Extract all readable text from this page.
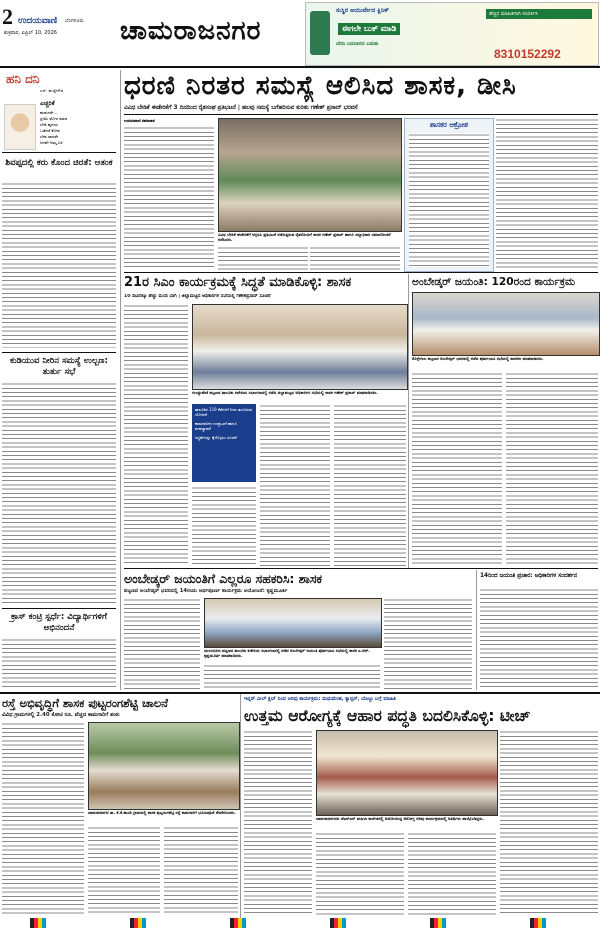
2 ಉದಯವಾಣಿ ಬೆಂಗಳೂರು
ಶುಕ್ರವಾರ, ಏಪ್ರಿಲ್ 10, 2026 ಚಾಮರಾಜನಗರ
ಸುಸ್ಥಿರ ಆಯುರ್ವೇದ ಕ್ಲಿನಿಕ್
ಈಗಲೇ ಬುಕ್ ಮಾಡಿ
ಬೇರು ಬದಲಾಗದ ಬದುಕು
ಹೆಚ್ಚಿನ ಮಾಹಿತಿಗಾಗಿ ಸಂಪರ್ಕಿಸಿ
8310152292
ಹನಿ ದನಿ
ಎಸ್. ಹುಚ್ಚೇಗೌಡ
ಎಚ್ಚರಿಕೆ
ಹುಡುಗರೇ...
ಪ್ರೀತಿಸಿ ಮೋಸ ಮಾಡ
ಬೇಡಿ ಹೃದಯ
ಒಡೆದರೆ ಕೋಪ
ಬೇಡ ಜಾಣರೇ
ಜಗವೇ ನಿಮ್ಮ ಬಳಿ
ಶಿವಪ್ಪದಲ್ಲಿ ಕರು ಕೊಂದ ಚಿರತೆ: ಆತಂಕ
ಕುಡಿಯುವ ನೀರಿನ ಸಮಸ್ಯೆ ಉಲ್ಬಣ: ತುರ್ತು ಸಭೆ
ಕ್ರಾಸ್ ಕಂಟ್ರಿ ಸ್ಪರ್ಧೆ: ವಿದ್ಯಾರ್ಥಿಗಳಿಗೆ ಅಭಿನಂದನೆ
ಧರಣಿ ನಿರತರ ಸಮಸ್ಯೆ ಆಲಿಸಿದ ಶಾಸಕ, ಡೀಸಿ
ವಿವಿಧ ಬೇಡಿಕೆ ಈಡೇರಿಕೆಗೆ 3 ದಿನದಿಂದ ರೈತಸಂಘ ಪ್ರತಿಭಟನೆ | ಹಲವು ಸಮಸ್ಯೆ ಬಗೆಹರಿಸುವ ಕುರಿತು ಗಣೇಶ್ ಪ್ರಸಾದ್ ಭರವಸೆ
ಉದಯವಾಣಿ ಸಮಾಚಾರ
ವಿವಿಧ ಬೇಡಿಕೆ ಈಡೇರಿಕೆಗೆ ಆಗ್ರಹಿಸಿ ಪ್ರತಿಭಟನೆ ನಡೆಸುತ್ತಿರುವ ರೈತರೊಂದಿಗೆ ಶಾಸಕ ಗಣೇಶ್ ಪ್ರಸಾದ್ ಹಾಗೂ ಜಿಲ್ಲಾಧಿಕಾರಿ ಸಮಾಲೋಚನೆ ನಡೆಸಿದರು.
ಶಾಸಕರ ಆಕ್ರೋಶ
21ರ ಸಿಎಂ ಕಾರ್ಯಕ್ರಮಕ್ಕೆ ಸಿದ್ಧತೆ ಮಾಡಿಕೊಳ್ಳಿ: ಶಾಸಕ
10 ಸಾವಿರಕ್ಕೂ ಹೆಚ್ಚು ಮಂದಿ ಭಾಗಿ | ಜಿಲ್ಲಾಮಟ್ಟದ ಅಧಿಕಾರಿಗಳ ಸಭೆಯಲ್ಲಿ ಗಣೇಶಪ್ರಸಾದ್ ಸೂಚನೆ
ಗುಂಡ್ಲುಪೇಟೆ ಪಟ್ಟಣದ ತಾಲೂಕು ಕಚೇರಿಯ ಸಭಾಂಗಣದಲ್ಲಿ ನಡೆದ ಜಿಲ್ಲಾಮಟ್ಟದ ಅಧಿಕಾರಿಗಳ ಸಭೆಯಲ್ಲಿ ಶಾಸಕ ಗಣೇಶ್ ಪ್ರಸಾದ್ ಮಾತನಾಡಿದರು.
ತಾಲೂಕಿನ 119 ಕೆರೆಗಳಿಗೆ ನೀರು ತುಂಬಿಸುವ ಯೋಜನೆ
ಕಾಮಗಾರಿಗಳ ಉದ್ಘಾಟನೆ ಹಾಗೂ ಶಂಕುಸ್ಥಾಪನೆ
ಸಿದ್ಧತೆಗಳನ್ನು ಕೈಗೊಳ್ಳಲು ಸೂಚನೆ
ಅಂಬೇಡ್ಕರ್ ಜಯಂತಿ: 120ರಂದ ಕಾರ್ಯಕ್ರಮ
ಕೊಳ್ಳೇಗಾಲ ಪಟ್ಟಣದ ಅಂಬೇಡ್ಕರ್ ಭವನದಲ್ಲಿ ನಡೆದ ಪೂರ್ವಭಾವಿ ಸಭೆಯಲ್ಲಿ ಶಾಸಕರು ಮಾತನಾಡಿದರು.
ಅಂಬೇಡ್ಕರ್ ಜಯಂತಿಗೆ ಎಲ್ಲರೂ ಸಹಕರಿಸಿ: ಶಾಸಕ
ಪಟ್ಟಣದ ಅಂಬೇಡ್ಕರ್ ಭವನದಲ್ಲಿ 14ರಂದು ಅರ್ಥಪೂರ್ಣ ಕಾರ್ಯಕ್ರಮ ಆಯೋಜನೆ: ಕೃಷ್ಣಮೂರ್ತಿ
ಯಳಂದೂರು ಪಟ್ಟಣದ ತಾಲೂಕು ಕಚೇರಿಯ ಸಭಾಂಗಣದಲ್ಲಿ ನಡೆದ ಅಂಬೇಡ್ಕರ್ ಜಯಂತಿ ಪೂರ್ವಭಾವಿ ಸಭೆಯಲ್ಲಿ ಶಾಸಕ ಎ.ಆರ್. ಕೃಷ್ಣಮೂರ್ತಿ ಮಾತನಾಡಿದರು.
14ರಿಂದ ಜಯಂತಿ ಪ್ರಚಾರ: ಅಧಿಕಾರಿಗಳ ಸಂದರ್ಶನ
ರಸ್ತೆ ಅಭಿವೃದ್ಧಿಗೆ ಶಾಸಕ ಪುಟ್ಟರಂಗಶೆಟ್ಟಿ ಚಾಲನೆ
ವಿವಿಧ ಗ್ರಾಮಗಳಲ್ಲಿ 2.40 ಕೋಟಿ ರೂ. ವೆಚ್ಚದ ಕಾಮಗಾರಿಗೆ ಶಂಕು
ಚಾಮರಾಜನಗರ ತಾ. ಕೆ.ಕೆ.ಹುಂಡಿ ಗ್ರಾಮದಲ್ಲಿ ಶಾಸಕ ಪುಟ್ಟರಂಗಶೆಟ್ಟಿ ರಸ್ತೆ ಕಾಮಗಾರಿಗೆ ಭೂಮಿಪೂಜೆ ನೆರವೇರಿಸಿದರು.
ಇನ್ನರ್ ವೀಲ್ ಕ್ಲಬ್ ನಿಂದ ಅರಿವು ಕಾರ್ಯಕ್ರಮ: ಮಧುಮೇಹ, ಕ್ಯಾನ್ಸರ್, ಬೊಜ್ಜು ಬಗ್ಗೆ ಮಾಹಿತಿ
ಉತ್ತಮ ಆರೋಗ್ಯಕ್ಕೆ ಆಹಾರ ಪದ್ಧತಿ ಬದಲಿಸಿಕೊಳ್ಳಿ: ಟೀಚ್
ಚಾಮರಾಜನಗರದ ಜೆಎಸ್ಎಸ್ ಮಹಿಳಾ ಕಾಲೇಜಿನಲ್ಲಿ ಆಯೋಜಿಸಿದ್ದ ಆರೋಗ್ಯ ಅರಿವು ಕಾರ್ಯಕ್ರಮದಲ್ಲಿ ಅತಿಥಿಗಳು ಪಾಲ್ಗೊಂಡಿದ್ದರು.
